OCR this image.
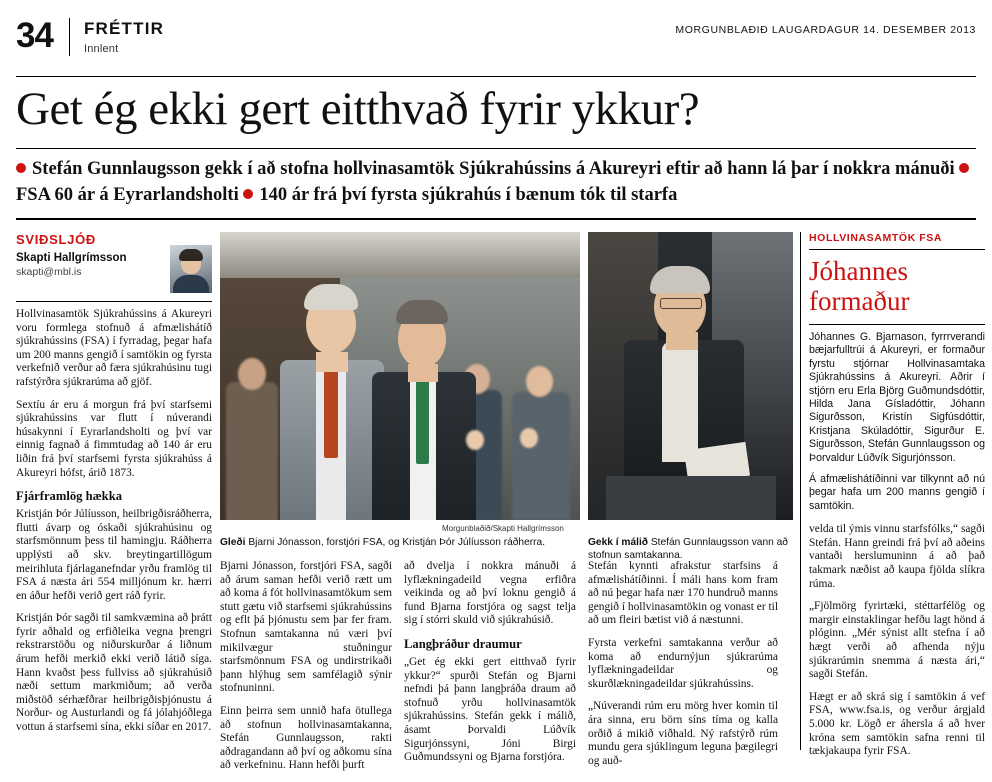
34 FRÉTTIR
Innlent
MORGUNBLAÐIÐ LAUGARDAGUR 14. DESEMBER 2013
Get ég ekki gert eitthvað fyrir ykkur?
Stefán Gunnlaugsson gekk í að stofna hollvinasamtök Sjúkrahússins á Akureyri eftir að hann lá þar í nokkra mánuði FSA 60 ár á Eyrarlandsholti 140 ár frá því fyrsta sjúkrahús í bænum tók til starfa
SVIÐSLJÓÐ
Skapti Hallgrímsson
skapti@mbl.is

Hollvinasamtök Sjúkrahússins á Akureyri voru formlega stofnuð á afmælishátíð sjúkrahússins (FSA) í fyrradag, þegar hafa um 200 manns gengið í samtökin og fyrsta verkefnið verður að færa sjúkrahúsinu tugi rafstýrðra sjúkrarúma að gjöf.

Sextíu ár eru á morgun frá því starfsemi sjúkrahússins var flutt í núverandi húsakynni í Eyrarlandsholti og því var einnig fagnað á fimmtudag að 140 ár eru liðin frá því starfsemi fyrsta sjúkrahúss á Akureyri hófst, árið 1873.

Fjárframlög hækka

Kristján Þór Júlíusson, heilbrigðisráðherra, flutti ávarp og óskaði sjúkrahúsinu og starfsmönnum þess til hamingju. Ráðherra upplýsti að skv. breytingartillögum meirihluta fjárlaganefndar yrðu framlög til FSA á næsta ári 554 milljónum kr. hærri en áður hefði verið gert ráð fyrir.

Kristján Þór sagði til samkvæmina að þrátt fyrir aðhald og erfiðleika vegna þrengri rekstrarstöðu og niðurskurðar á liðnum árum hefði merkið ekki verið látið síga. Hann kvaðst þess fullviss að sjúkrahúsið næði settum markmiðum; að verða miðstöð sérhæfðrar heilbrigðisþjónustu á Norður- og Austurlandi og fá jólahjóðlega vottun á starfsemi sína, ekki síðar en 2017.

Morgunblaðið/Skapti Hallgrímsson
Gleði Bjarni Jónasson, forstjóri FSA, og Kristján Þór Júlíusson ráðherra.	Gekk í málið Stefán Gunnlaugsson vann að stofnun samtakanna.

Bjarni Jónasson, forstjóri FSA, sagði að árum saman hefði verið rætt um að koma á fót hollvinasamtökum sem stutt gætu við starfsemi sjúkrahússins og eflt þá þjónustu sem þar fer fram. Stofnun samtakanna nú væri því mikilvægur stuðningur starfsmönnum FSA og undirstrikaði þann hlýhug sem samfélagið sýnir stofnuninni.

Einn þeirra sem unnið hafa ötullega að stofnun hollvinasamtakanna, Stefán Gunnlaugsson, rakti aðdragandann að því og aðkomu sína að verkefninu. Hann hefði þurft

að dvelja í nokkra mánuði á lyflækningadeild vegna erfiðra veikinda og að því loknu gengið á fund Bjarna forstjóra og sagst telja sig í stórri skuld við sjúkrahúsið.

Langþráður draumur

„Get ég ekki gert eitthvað fyrir ykkur?“ spurði Stefán og Bjarni nefndi þá þann langþráða draum að stofnuð yrðu hollvinasamtök sjúkrahússins. Stefán gekk í málið, ásamt Þorvaldi Lúðvík Sigurjónssyni, Jóni Birgi Guðmundssyni og Bjarna forstjóra.

Stefán kynnti afrakstur starfsins á afmælishátíðinni. Í máli hans kom fram að nú þegar hafa nær 170 hundruð manns gengið í hollvinasamtökin og vonast er til að um fleiri bætist við á næstunni.

Fyrsta verkefni samtakanna verður að koma að endurnýjun sjúkrarúma lyflækningadeildar og skurðlækningadeildar sjúkrahússins.

„Núverandi rúm eru mörg hver komin til ára sinna, eru börn síns tíma og kalla orðið á mikið viðhald. Ný rafstýrð rúm mundu gera sjúklingum leguna þægilegri og auð-

HOLLVINASAMTÖK FSA
Jóhannes formaður

Jóhannes G. Bjarnason, fyrrrverandi bæjarfulltrúi á Akureyri, er formaður fyrstu stjórnar Hollvinasamtaka Sjúkrahússins á Akureyri. Aðrir í stjórn eru Erla Björg Guðmundsdóttir, Hilda Jana Gísladóttir, Jóhann Sigurðsson, Kristín Sigfúsdóttir, Kristjana Skúladóttir, Sigurður E. Sigurðsson, Stefán Gunnlaugsson og Þorvaldur Lúðvík Sigurjónsson.

Á afmælishátíðinni var tilkynnt að nú þegar hafa um 200 manns gengið í samtökin.

velda til ýmis vinnu starfsfólks,“ sagði Stefán. Hann greindi frá því að aðeins vantaði herslumuninn á að það takmark næðist að kaupa fjölda slíkra rúma.

„Fjölmörg fyrirtæki, stéttarfélög og margir einstaklingar hefðu lagt hönd á plóginn. „Mér sýnist allt stefna í að hægt verði að afhenda nýju sjúkrarúmin snemma á næsta ári,“ sagði Stefán.

Hægt er að skrá sig í samtökin á vef FSA, www.fsa.is, og verður árgjald 5.000 kr. Lögð er áhersla á að hver króna sem samtökin safna renni til tækjakaupa fyrir FSA.
